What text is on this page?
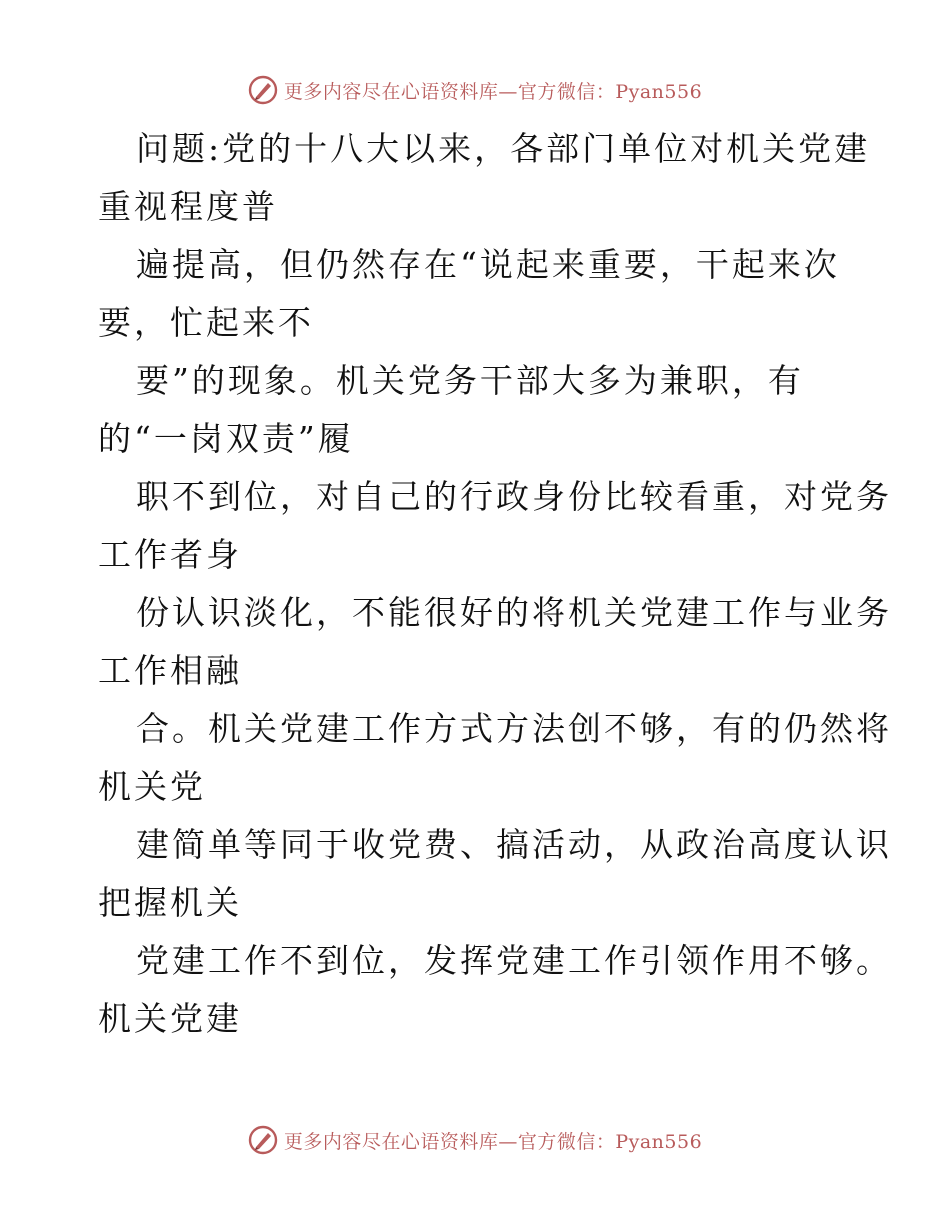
更多内容尽在心语资料库—官方微信：Pyan556
问题:党的十八大以来，各部门单位对机关党建
重视程度普
遍提高，但仍然存在“说起来重要，干起来次
要，忙起来不
要”的现象。机关党务干部大多为兼职，有
的“一岗双责”履
职不到位，对自己的行政身份比较看重，对党务
工作者身
份认识淡化，不能很好的将机关党建工作与业务
工作相融
合。机关党建工作方式方法创不够，有的仍然将
机关党
建简单等同于收党费、搞活动，从政治高度认识
把握机关
党建工作不到位，发挥党建工作引领作用不够。
机关党建
更多内容尽在心语资料库—官方微信：Pyan556
